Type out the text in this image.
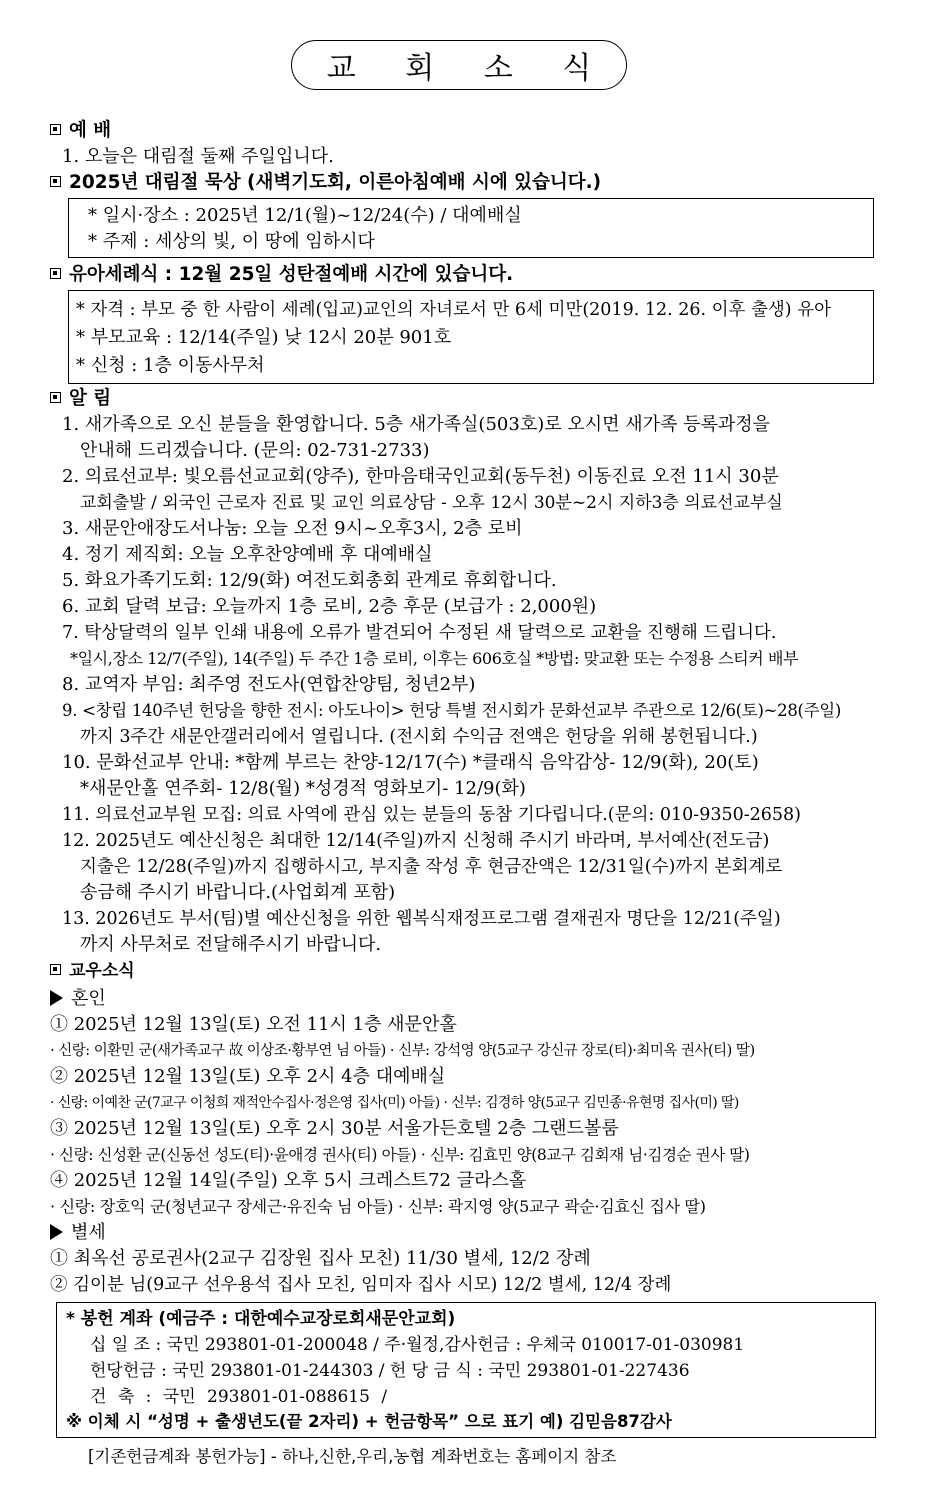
교 회 소 식
예 배
1. 오늘은 대림절 둘째 주일입니다.
2025년 대림절 묵상 (새벽기도회, 이른아침예배 시에 있습니다.)
* 일시·장소 : 2025년 12/1(월)~12/24(수) / 대예배실
* 주제 : 세상의 빛, 이 땅에 임하시다
유아세례식 : 12월 25일 성탄절예배 시간에 있습니다.
* 자격 : 부모 중 한 사람이 세례(입교)교인의 자녀로서 만 6세 미만(2019. 12. 26. 이후 출생) 유아
* 부모교육 : 12/14(주일) 낮 12시 20분 901호
* 신청 : 1층 이동사무처
알 림
1. 새가족으로 오신 분들을 환영합니다. 5층 새가족실(503호)로 오시면 새가족 등록과정을
안내해 드리겠습니다. (문의: 02-731-2733)
2. 의료선교부: 빛오름선교교회(양주), 한마음태국인교회(동두천) 이동진료 오전 11시 30분
교회출발 / 외국인 근로자 진료 및 교인 의료상담 - 오후 12시 30분~2시 지하3층 의료선교부실
3. 새문안애장도서나눔: 오늘 오전 9시~오후3시, 2층 로비
4. 정기 제직회: 오늘 오후찬양예배 후 대예배실
5. 화요가족기도회: 12/9(화) 여전도회총회 관계로 휴회합니다.
6. 교회 달력 보급: 오늘까지 1층 로비, 2층 후문 (보급가 : 2,000원)
7. 탁상달력의 일부 인쇄 내용에 오류가 발견되어 수정된 새 달력으로 교환을 진행해 드립니다.
*일시,장소 12/7(주일), 14(주일) 두 주간 1층 로비, 이후는 606호실 *방법: 맞교환 또는 수정용 스티커 배부
8. 교역자 부임: 최주영 전도사(연합찬양팀, 청년2부)
9. <창립 140주년 헌당을 향한 전시: 아도나이> 헌당 특별 전시회가 문화선교부 주관으로 12/6(토)~28(주일)
까지 3주간 새문안갤러리에서 열립니다. (전시회 수익금 전액은 헌당을 위해 봉헌됩니다.)
10. 문화선교부 안내: *함께 부르는 찬양-12/17(수) *클래식 음악감상- 12/9(화), 20(토)
*새문안홀 연주회- 12/8(월) *성경적 영화보기- 12/9(화)
11. 의료선교부원 모집: 의료 사역에 관심 있는 분들의 동참 기다립니다.(문의: 010-9350-2658)
12. 2025년도 예산신청은 최대한 12/14(주일)까지 신청해 주시기 바라며, 부서예산(전도금)
지출은 12/28(주일)까지 집행하시고, 부지출 작성 후 현금잔액은 12/31일(수)까지 본회계로
송금해 주시기 바랍니다.(사업회계 포함)
13. 2026년도 부서(팀)별 예산신청을 위한 웹복식재정프로그램 결재권자 명단을 12/21(주일)
까지 사무처로 전달해주시기 바랍니다.
교우소식
혼인
① 2025년 12월 13일(토) 오전 11시 1층 새문안홀
· 신랑: 이환민 군(새가족교구 故 이상조·황부연 님 아들) · 신부: 강석영 양(5교구 강신규 장로(티)·최미옥 권사(티) 딸)
② 2025년 12월 13일(토) 오후 2시 4층 대예배실
· 신랑: 이예찬 군(7교구 이청희 재적안수집사·정은영 집사(미) 아들) · 신부: 김경하 양(5교구 김민종·유현명 집사(미) 딸)
③ 2025년 12월 13일(토) 오후 2시 30분 서울가든호텔 2층 그랜드볼룸
· 신랑: 신성환 군(신동선 성도(티)·윤애경 권사(티) 아들) · 신부: 김효민 양(8교구 김회재 님·김경순 권사 딸)
④ 2025년 12월 14일(주일) 오후 5시 크레스트72 글라스홀
· 신랑: 장호익 군(청년교구 장세근·유진숙 님 아들) · 신부: 곽지영 양(5교구 곽순·김효신 집사 딸)
별세
① 최옥선 공로권사(2교구 김장원 집사 모친) 11/30 별세, 12/2 장례
② 김이분 님(9교구 선우용석 집사 모친, 임미자 집사 시모) 12/2 별세, 12/4 장례
* 봉헌 계좌 (예금주 : 대한예수교장로회새문안교회)
십 일 조 : 국민 293801-01-200048 / 주·월정,감사헌금 : 우체국 010017-01-030981
헌당헌금 : 국민 293801-01-244303 / 헌 당 금 식 : 국민 293801-01-227436
건 축 : 국민 293801-01-088615 /
※ 이체 시 “성명 + 출생년도(끝 2자리) + 헌금항목” 으로 표기 예) 김믿음87감사
[기존헌금계좌 봉헌가능] - 하나,신한,우리,농협 계좌번호는 홈페이지 참조
